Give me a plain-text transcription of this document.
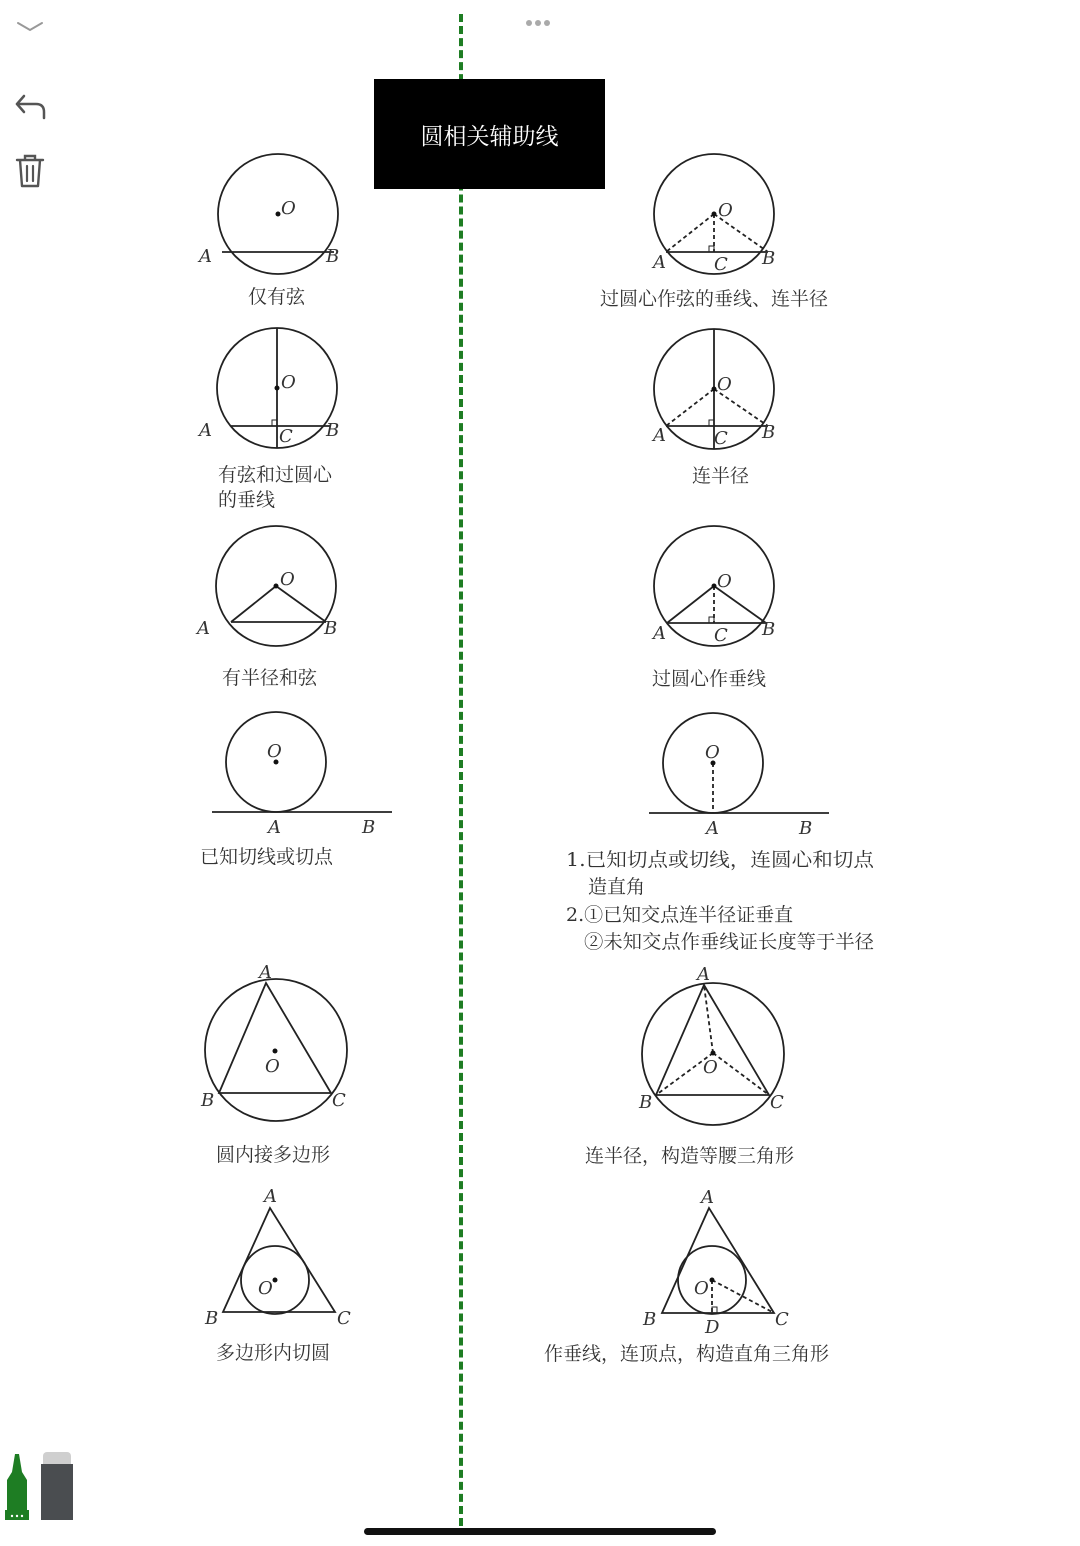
圆相关辅助线
O
A	B
O
A	C B
O
A	C B
O
A	C B
O
A	B
O
A	C B
O
A	B
O
A	B
A
O
B	C
A
O
B	C
A
O
B	C
A
O
B	D	C
仅有弦	过圆心作弦的垂线、连半径
有弦和过圆心
的垂线
连半径
有半径和弦	过圆心作垂线
已知切线或切点	1.已知切点或切线，连圆心和切点
造直角
2.①已知交点连半径证垂直
②未知交点作垂线证长度等于半径
圆内接多边形	连半径，构造等腰三角形
多边形内切圆	作垂线，连顶点，构造直角三角形
